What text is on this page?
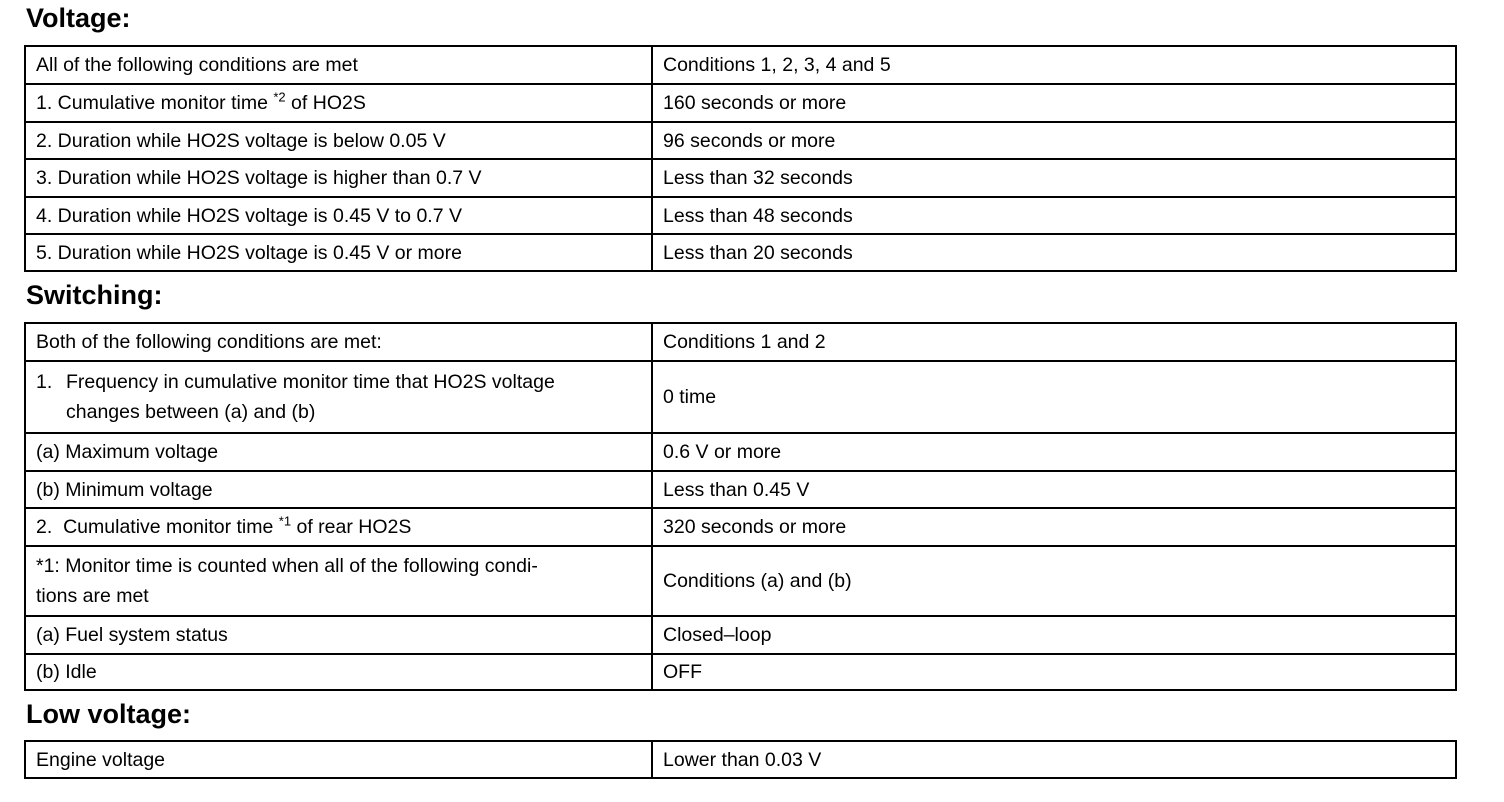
Voltage:
All of the following conditions are met	Conditions 1, 2, 3, 4 and 5
1. Cumulative monitor time $^{*2}$ of HO2S	160 seconds or more
2. Duration while HO2S voltage is below 0.05 V	96 seconds or more
3. Duration while HO2S voltage is higher than 0.7 V	Less than 32 seconds
4. Duration while HO2S voltage is 0.45 V to 0.7 V	Less than 48 seconds
5. Duration while HO2S voltage is 0.45 V or more	Less than 20 seconds
Switching:
Both of the following conditions are met:	Conditions 1 and 2
1. Frequency in cumulative monitor time that HO2S voltage
changes between (a) and (b)	0 time
(a) Maximum voltage	0.6 V or more
(b) Minimum voltage	Less than 0.45 V
2.  Cumulative monitor time $^{*1}$ of rear HO2S	320 seconds or more

*1: Monitor time is counted when all of the following condi-
tions are met	Conditions (a) and (b)
(a) Fuel system status	Closed–loop
(b) Idle	OFF
Low voltage:
Engine voltage	Lower than 0.03 V
